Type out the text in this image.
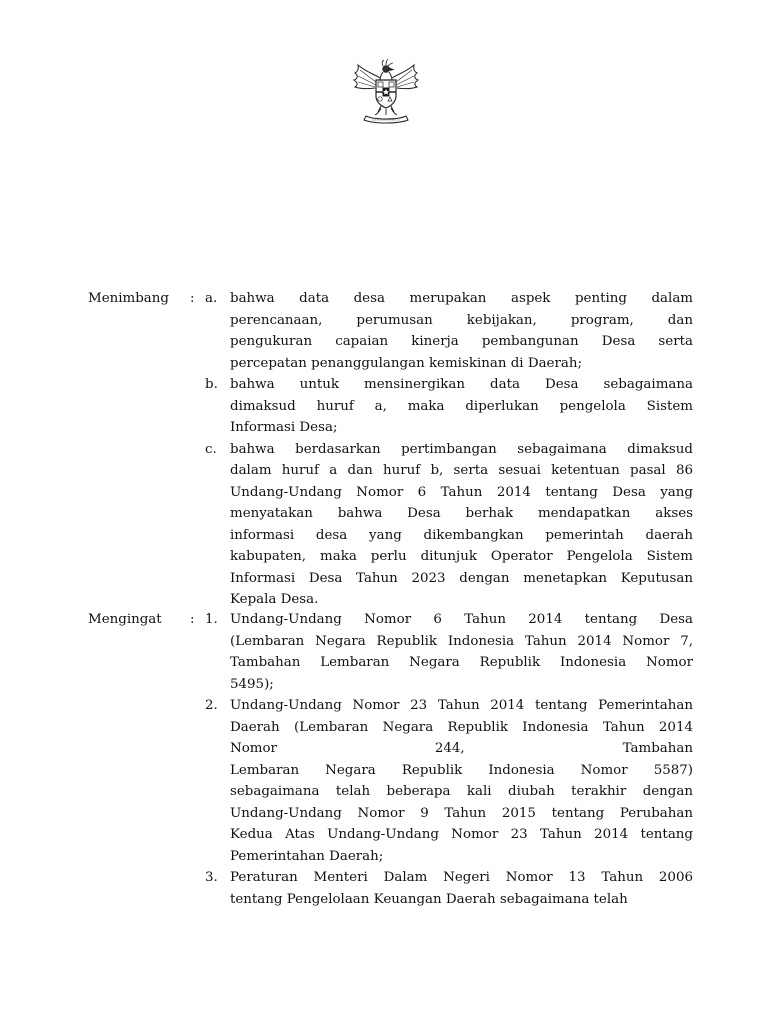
Menimbang	: a. bahwa data desa merupakan aspek penting dalam
perencanaan, perumusan kebijakan, program, dan
pengukuran capaian kinerja pembangunan Desa serta
percepatan penanggulangan kemiskinan di Daerah;
b. bahwa untuk mensinergikan data Desa sebagaimana
dimaksud huruf a, maka diperlukan pengelola Sistem
Informasi Desa;
c. bahwa berdasarkan pertimbangan sebagaimana dimaksud
dalam huruf a dan huruf b, serta sesuai ketentuan pasal 86
Undang-Undang Nomor 6 Tahun 2014 tentang Desa yang
menyatakan bahwa Desa berhak mendapatkan akses
informasi desa yang dikembangkan pemerintah daerah
kabupaten, maka perlu ditunjuk Operator Pengelola Sistem
Informasi Desa Tahun 2023 dengan menetapkan Keputusan
Kepala Desa.
Mengingat	: 1. Undang-Undang Nomor 6 Tahun 2014 tentang Desa
(Lembaran Negara Republik Indonesia Tahun 2014 Nomor 7,
Tambahan Lembaran Negara Republik Indonesia Nomor
5495);
2. Undang-Undang Nomor 23 Tahun 2014 tentang Pemerintahan
Daerah (Lembaran Negara Republik Indonesia Tahun 2014
Nomor 244, Tambahan
Lembaran Negara Republik Indonesia Nomor 5587)
sebagaimana telah beberapa kali diubah terakhir dengan
Undang-Undang Nomor 9 Tahun 2015 tentang Perubahan
Kedua Atas Undang-Undang Nomor 23 Tahun 2014 tentang
Pemerintahan Daerah;
3. Peraturan Menteri Dalam Negeri Nomor 13 Tahun 2006
tentang Pengelolaan Keuangan Daerah sebagaimana telah
